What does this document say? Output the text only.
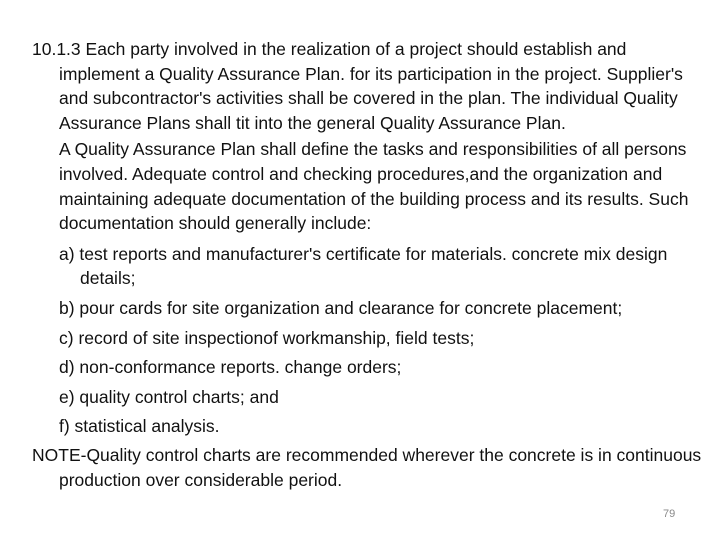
10.1.3 Each party involved in the realization of a project should establish and implement a Quality Assurance Plan. for its participation in the project. Supplier's and subcontractor's activities shall be covered in the plan. The individual Quality Assurance Plans shall tit into the general Quality Assurance Plan.

A Quality Assurance Plan shall define the tasks and responsibilities of all persons involved. Adequate control and checking procedures,and the organization and maintaining adequate documentation of the building process and its results. Such documentation should generally include:

a) test reports and manufacturer's certificate for materials. concrete mix design details;
b) pour cards for site organization and clearance for concrete placement;
c) record of site inspectionof workmanship, field tests;
d) non-conformance reports. change orders;
e) quality control charts; and
f) statistical analysis.

NOTE-Quality control charts are recommended wherever the concrete is in continuous production over considerable period.

79
